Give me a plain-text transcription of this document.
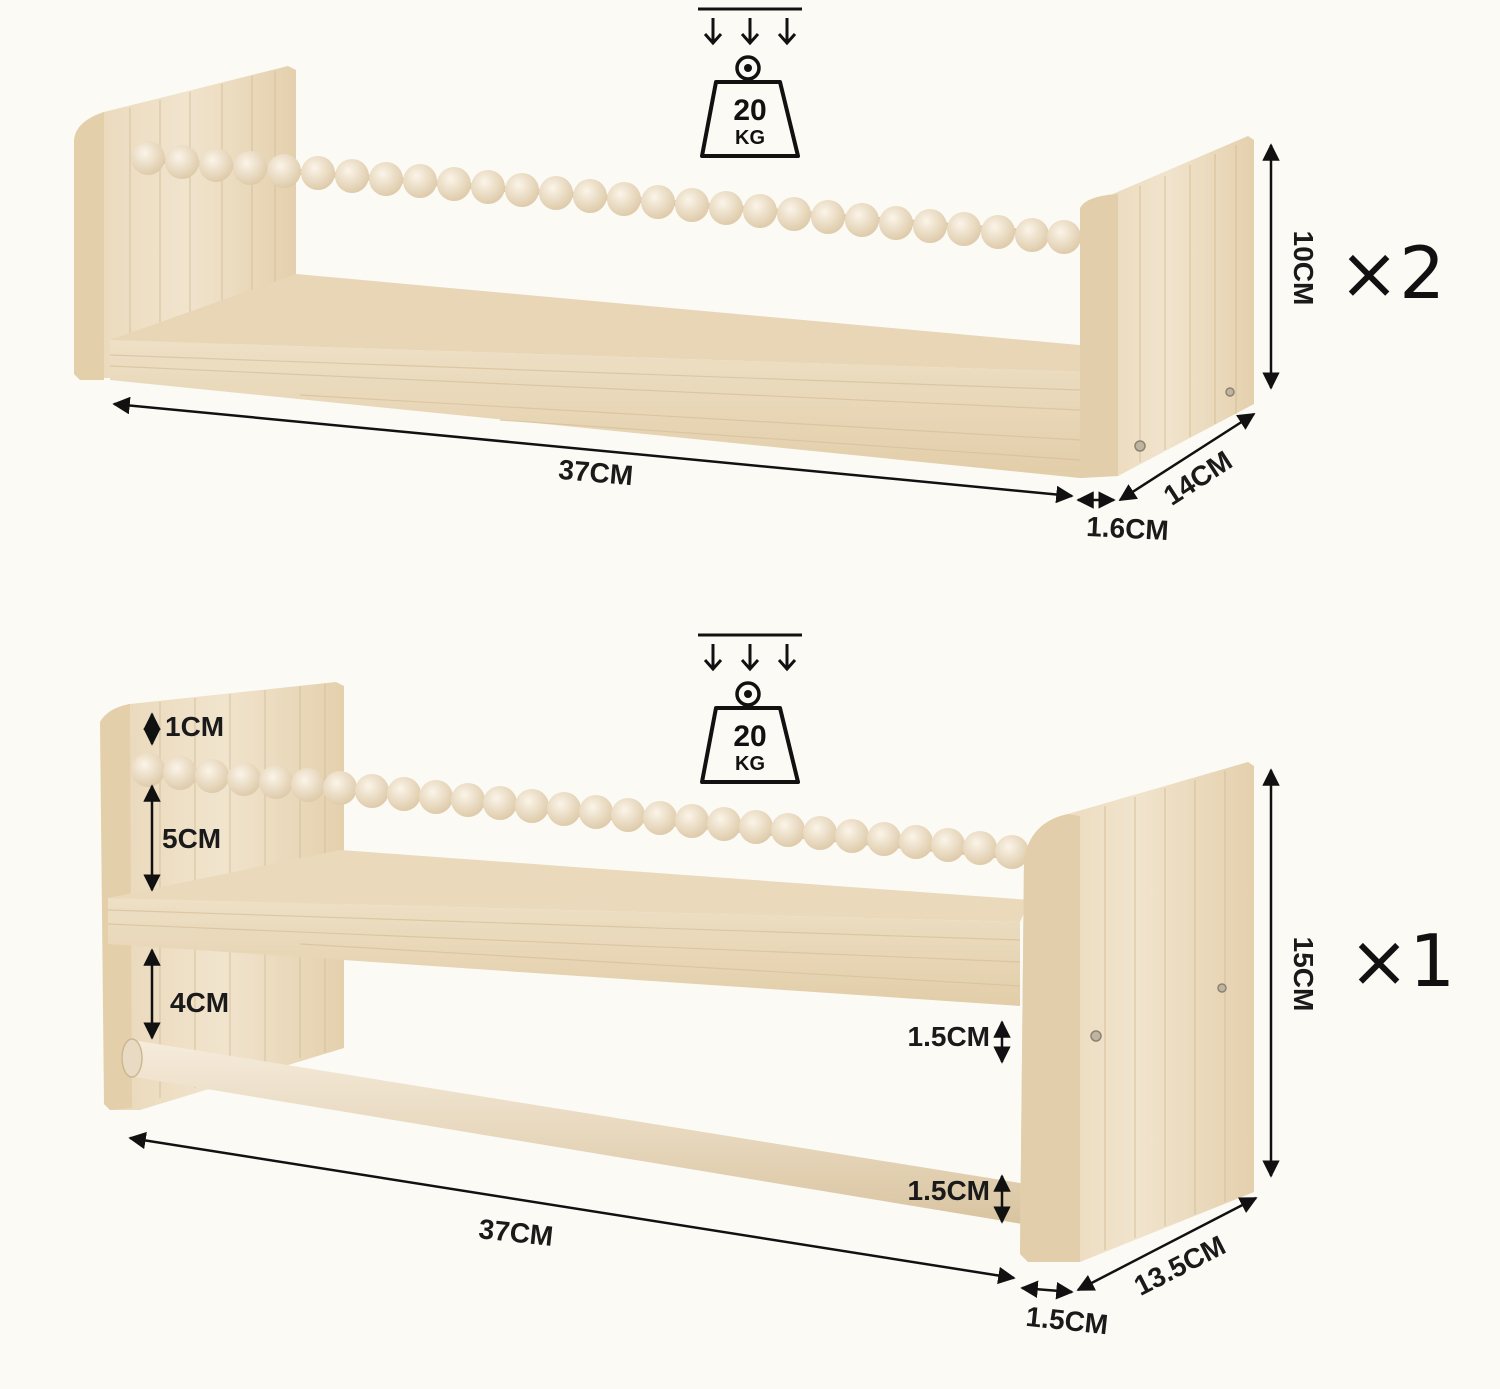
20
KG
37CM
1.6CM
14CM
10CM ×2
20
KG
1CM
5CM
4CM
1.5CM
1.5CM
37CM
1.5CM
13.5CM
15CM ×1
